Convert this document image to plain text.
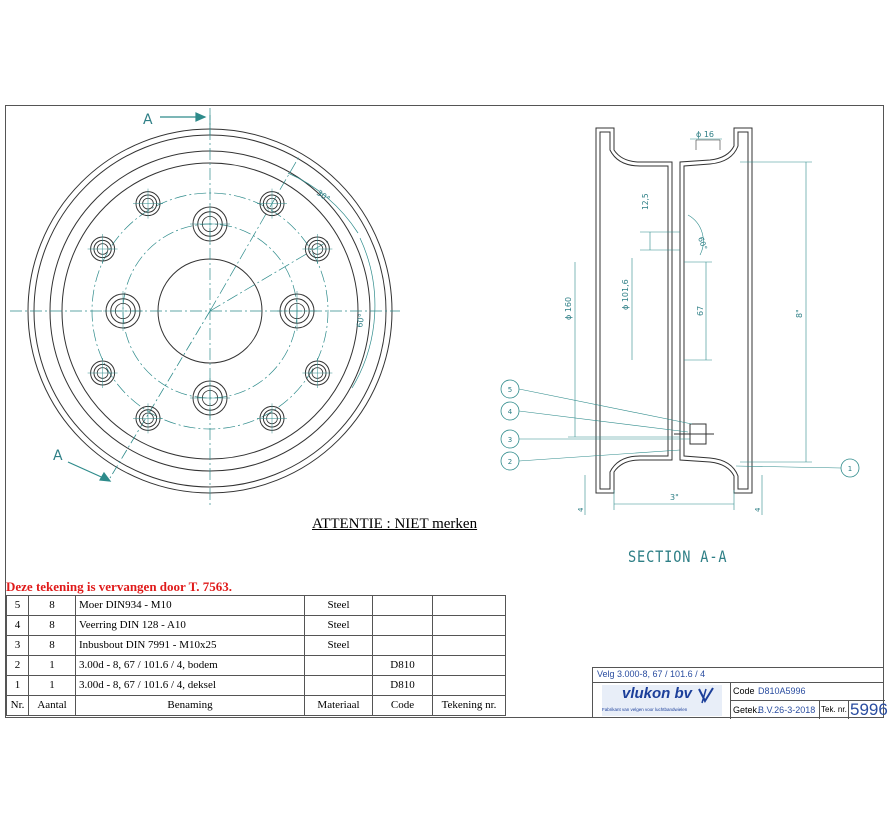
A
A
30°
60°
ϕ 16
12,5
60°
ϕ 101,6
67
ϕ 160	8"
3"
4	4
5
4
3
2
1
ATTENTIE : NIET merken
SECTION A-A
Deze tekening is vervangen door T. 7563.
5	8	Moer DIN934 - M10	Steel		
4	8	Veerring DIN 128 - A10	Steel		
3	8	Inbusbout DIN 7991 - M10x25	Steel		
2	1	3.00d - 8, 67 / 101.6 / 4, bodem		D810	
1	1	3.00d - 8, 67 / 101.6 / 4, deksel		D810	
Nr.	Aantal	Benaming	Materiaal	Code	Tekening nr.
Velg 3.000-8, 67 / 101.6 / 4
vlukon bv
Fabrikant van velgen voor luchtbandwielen
Code D810A5996
Getek.
B.V.26-3-2018 Tek. nr. 5996
